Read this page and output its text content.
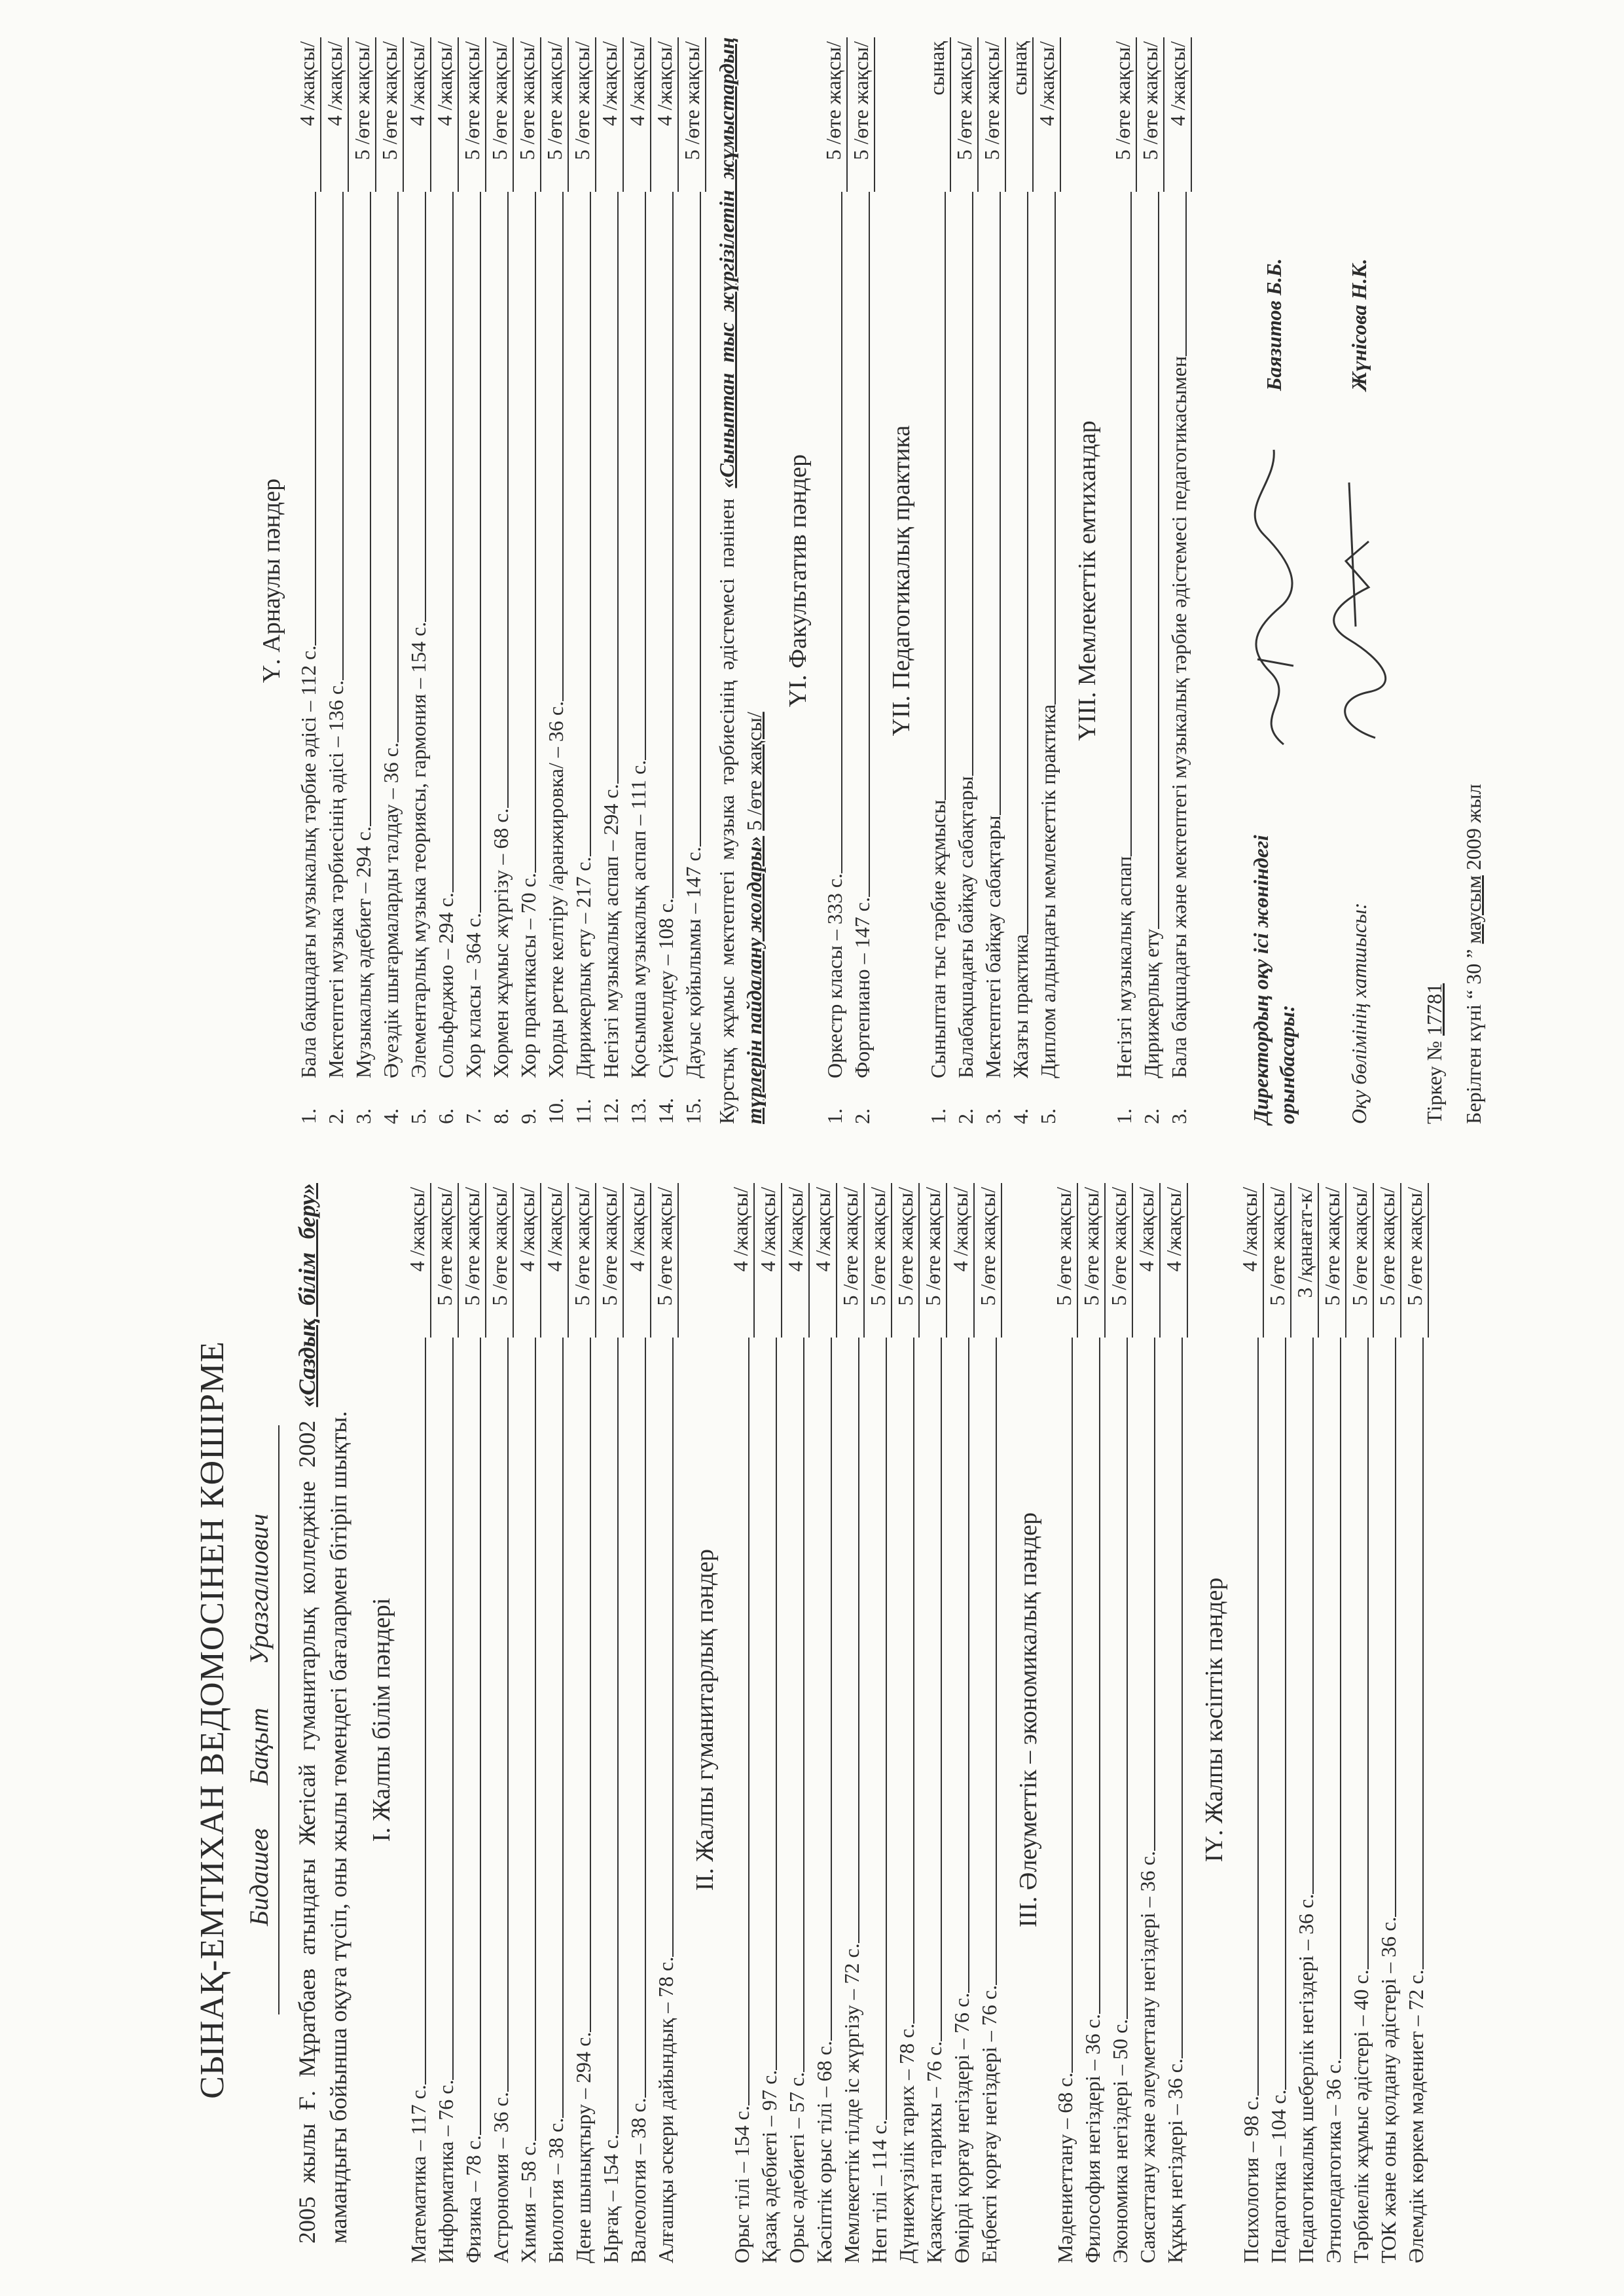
СЫНАҚ-ЕМТИХАН ВЕДОМОСІНЕН КӨШІРМЕ Бидашев Бақыт Уразгалиович 2005 жылы Ғ. Мұратбаев атындағы Жетісай гуманитарлық колледжіне 2002 «Саздық білім беру» мамандығы бойынша оқуға түсіп, оны жылы төмендегі бағалармен бітіріп шықты. І. Жалпы білім пәндері
Математика – 117 с.
4 /жақсы/
Информатика – 76 с.
5 /өте жақсы/
Физика – 78 с.
5 /өте жақсы/
Астрономия – 36 с.
5 /өте жақсы/
Химия – 58 с.
4 /жақсы/
Биология – 38 с.
4 /жақсы/
Дене шынықтыру – 294 с.
5 /өте жақсы/
Ырғақ – 154 с.
5 /өте жақсы/
Валеология – 38 с.
4 /жақсы/
Алғашқы әскери дайындық – 78 с.
5 /өте жақсы/
ІІ. Жалпы гуманитарлық пәндер
Орыс тілі – 154 с.
4 /жақсы/
Қазақ әдебиеті – 97 с.
4 /жақсы/
Орыс әдебиеті – 57 с.
4 /жақсы/
Кәсіптік орыс тілі – 68 с.
4 /жақсы/
Мемлекеттік тілде іс жүргізу – 72 с.
5 /өте жақсы/
Неп тілі – 114 с.
5 /өте жақсы/
Дүниежүзілік тарих – 78 с.
5 /өте жақсы/
Қазақстан тарихы – 76 с.
5 /өте жақсы/
Өмірді қорғау негіздері – 76 с.
4 /жақсы/
Еңбекті қорғау негіздері – 76 с.
5 /өте жақсы/
ІІІ. Әлеуметтік – экономикалық пәндер
Мәдениеттану – 68 с.
5 /өте жақсы/
Философия негіздері – 36 с.
5 /өте жақсы/
Экономика негіздері – 50 с.
5 /өте жақсы/
Саясаттану және әлеуметтану негіздері – 36 с.
4 /жақсы/
Құқық негіздері – 36 с.
4 /жақсы/
ІҮ. Жалпы кәсіптік пәндер
Психология – 98 с.
4 /жақсы/
Педагогика – 104 с.
5 /өте жақсы/
Педагогикалық шеберлік негіздері – 36 с.
3 /қанағат-к/
Этнопедагогика – 36 с.
5 /өте жақсы/
Тәрбиелік жұмыс әдістері – 40 с.
5 /өте жақсы/
ТОК және оны қолдану әдістері – 36 с.
5 /өте жақсы/
Әлемдік көркем мәдениет – 72 с.
5 /өте жақсы/
Ү. Арнаулы пәндер
1.
Бала бақшадағы музыкалық тәрбие әдісі – 112 с.
4 /жақсы/
2.
Мектептегі музыка тәрбиесінің әдісі – 136 с.
4 /жақсы/
3.
Музыкалық әдебиет – 294 с.
5 /өте жақсы/
4.
Әуездік шығармаларды талдау – 36 с.
5 /өте жақсы/
5.
Элементарлық музыка теориясы, гармония – 154 с.
4 /жақсы/
6.
Сольфеджио – 294 с.
4 /жақсы/
7.
Хор класы – 364 с.
5 /өте жақсы/
8.
Хормен жұмыс жүргізу – 68 с.
5 /өте жақсы/
9.
Хор практикасы – 70 с.
5 /өте жақсы/
10.
Хорды ретке келтіру /аранжировка/ – 36 с.
5 /өте жақсы/
11.
Дирижерлық ету – 217 с.
5 /өте жақсы/
12.
Негізгі музыкалық аспап – 294 с.
4 /жақсы/
13.
Қосымша музыкалық аспап – 111 с.
4 /жақсы/
14.
Сүйемелдеу – 108 с.
4 /жақсы/
15.
Дауыс қойылымы – 147 с.
5 /өте жақсы/

Курстық жұмыс мектептегі музыка тәрбиесінің әдістемесі пәнінен «Сыныптан тыс жүргізілетін жұмыстардың түрлерін пайдалану жолдары» 5 /өте жақсы/

ҮІ. Факультатив пәндер
1.
Оркестр класы – 333 с.
5 /өте жақсы/
2.
Фортепиано – 147 с.
5 /өте жақсы/
ҮІІ. Педагогикалық практика
1.
Сыныптан тыс тәрбие жұмысы
сынақ
2.
Балабақшадағы байқау сабақтары
5 /өте жақсы/
3.
Мектептегі байқау сабақтары
5 /өте жақсы/
4.
Жазғы практика
сынақ
5.
Диплом алдындағы мемлекеттік практика
4 /жақсы/
ҮІІІ. Мемлекеттік емтихандар
1.
Негізгі музыкалық аспап
5 /өте жақсы/
2.
Дирижерлық ету
5 /өте жақсы/
3.
Бала бақшадағы және мектептегі музыкалық тәрбие әдістемесі педагогикасымен
4 /жақсы/
Директордың оқу ісі жөніндегі орынбасары:
Баязитов Б.Б.
Оқу бөлімінің хатшысы:
Жүнісова Н.К.
Тіркеу № 17781 Берілген күні “ 30 ” маусым 2009 жыл
